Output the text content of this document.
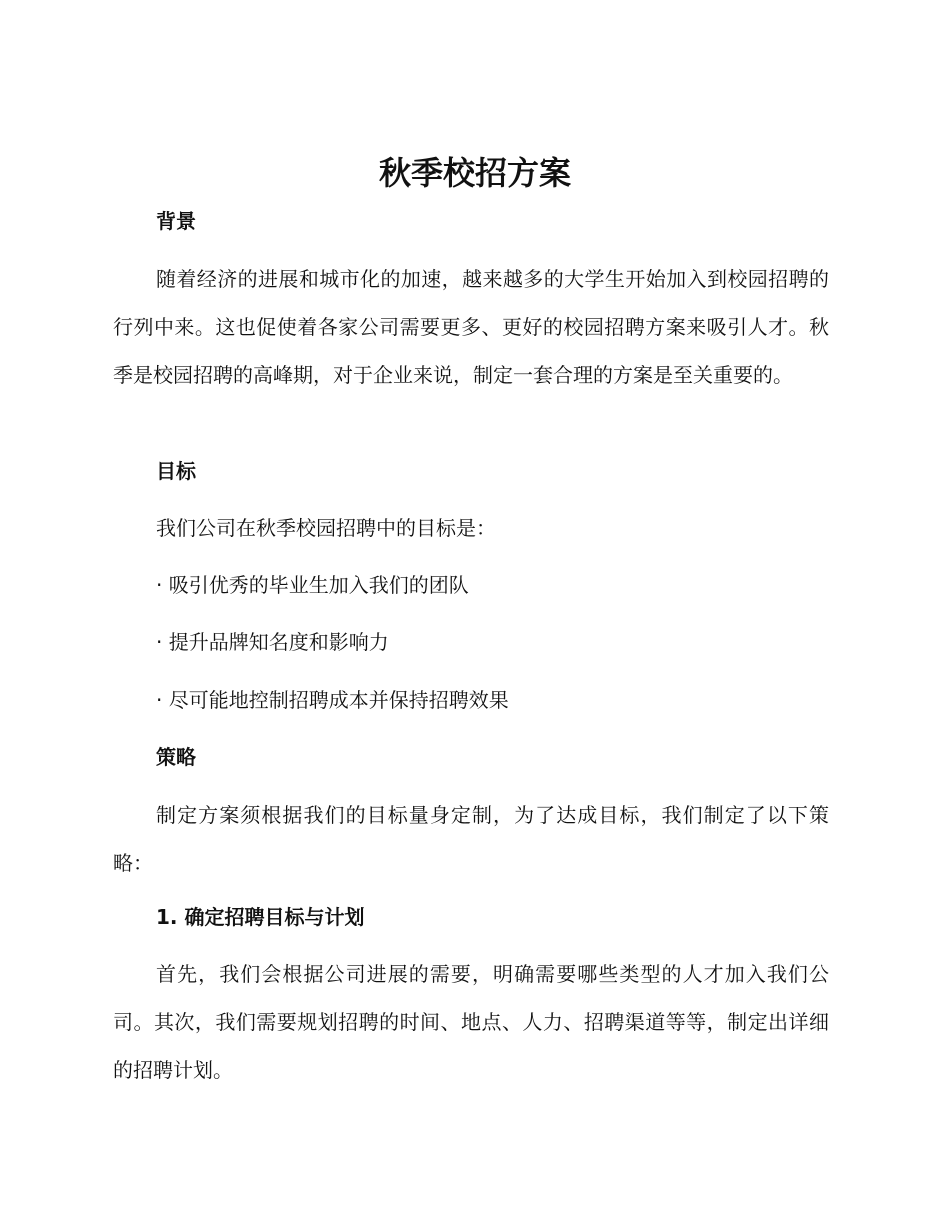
秋季校招方案
背景

随着经济的进展和城市化的加速，越来越多的大学生开始加入到校园招聘的行列中来。这也促使着各家公司需要更多、更好的校园招聘方案来吸引人才。秋季是校园招聘的高峰期，对于企业来说，制定一套合理的方案是至关重要的。

目标

我们公司在秋季校园招聘中的目标是：

· 吸引优秀的毕业生加入我们的团队

· 提升品牌知名度和影响力

· 尽可能地控制招聘成本并保持招聘效果

策略

制定方案须根据我们的目标量身定制，为了达成目标，我们制定了以下策略：

1. 确定招聘目标与计划

首先，我们会根据公司进展的需要，明确需要哪些类型的人才加入我们公司。其次，我们需要规划招聘的时间、地点、人力、招聘渠道等等，制定出详细的招聘计划。
